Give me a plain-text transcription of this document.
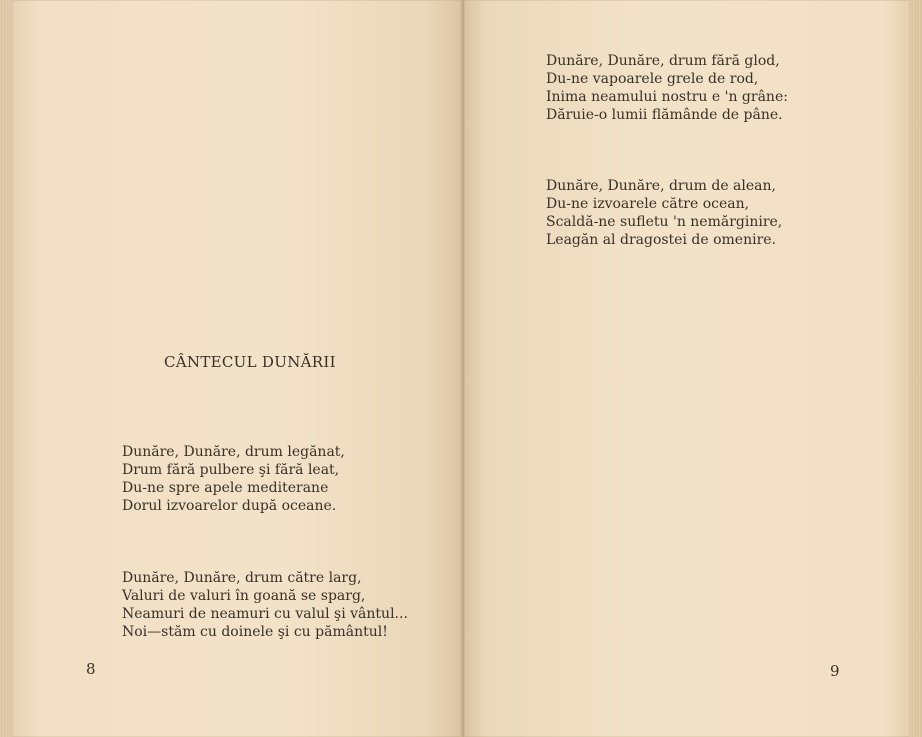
CÂNTECUL DUNĂRII
Dunăre, Dunăre, drum legănat,
Drum fără pulbere şi fără leat,
Du-ne spre apele mediterane
Dorul izvoarelor după oceane.
Dunăre, Dunăre, drum către larg,
Valuri de valuri în goană se sparg,
Neamuri de neamuri cu valul şi vântul...
Noi—stăm cu doinele şi cu pământul!
8
Dunăre, Dunăre, drum fără glod,
Du-ne vapoarele grele de rod,
Inima neamului nostru e 'n grâne:
Dăruie-o lumii flămânde de pâne.
Dunăre, Dunăre, drum de alean,
Du-ne izvoarele către ocean,
Scaldă-ne sufletu 'n nemărginire,
Leagăn al dragostei de omenire.
9
